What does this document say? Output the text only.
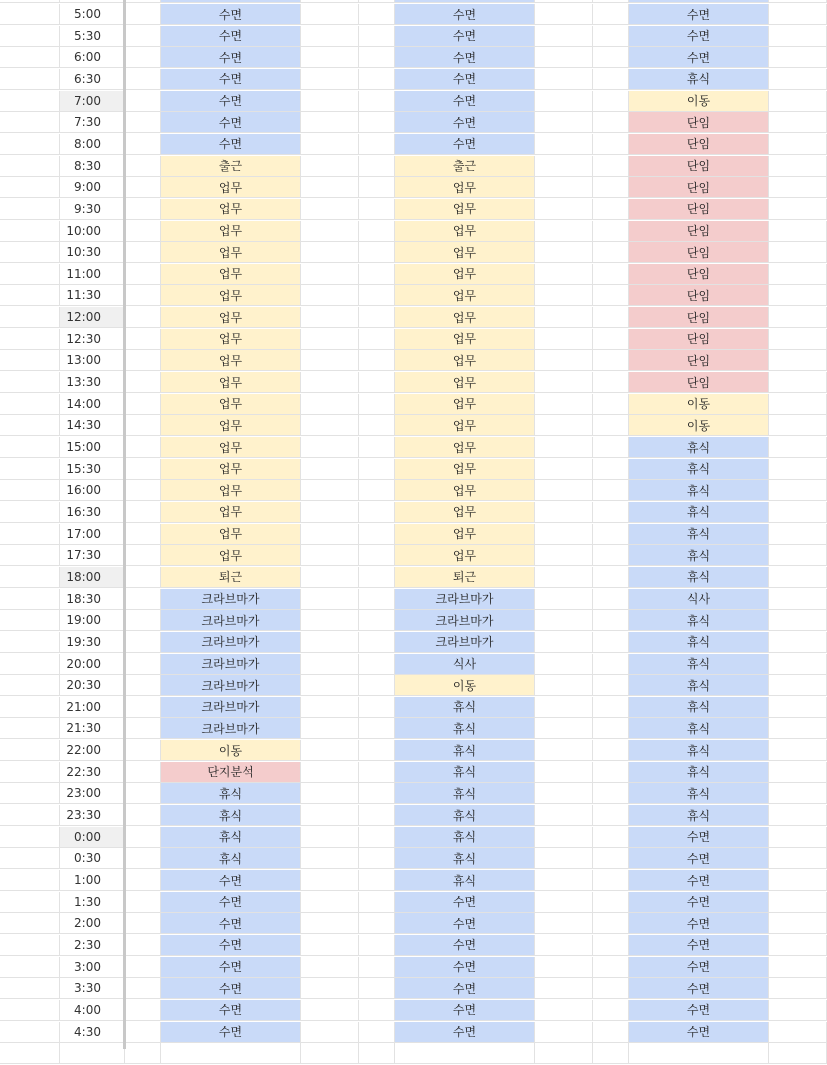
5:00	수면	수면	수면
5:30	수면	수면	수면
6:00	수면	수면	수면
6:30	수면	수면	휴식
7:00	수면	수면	이동
7:30	수면	수면	단임
8:00	수면	수면	단임
8:30	출근	출근	단임
9:00	업무	업무	단임
9:30	업무	업무	단임
10:00	업무	업무	단임
10:30	업무	업무	단임
11:00	업무	업무	단임
11:30	업무	업무	단임
12:00	업무	업무	단임
12:30	업무	업무	단임
13:00	업무	업무	단임
13:30	업무	업무	단임
14:00	업무	업무	이동
14:30	업무	업무	이동
15:00	업무	업무	휴식
15:30	업무	업무	휴식
16:00	업무	업무	휴식
16:30	업무	업무	휴식
17:00	업무	업무	휴식
17:30	업무	업무	휴식
18:00	퇴근	퇴근	휴식
18:30	크라브마가	크라브마가	식사
19:00	크라브마가	크라브마가	휴식
19:30	크라브마가	크라브마가	휴식
20:00	크라브마가	식사	휴식
20:30	크라브마가	이동	휴식
21:00	크라브마가	휴식	휴식
21:30	크라브마가	휴식	휴식
22:00	이동	휴식	휴식
22:30	단지분석	휴식	휴식
23:00	휴식	휴식	휴식
23:30	휴식	휴식	휴식
0:00	휴식	휴식	수면
0:30	휴식	휴식	수면
1:00	수면	휴식	수면
1:30	수면	수면	수면
2:00	수면	수면	수면
2:30	수면	수면	수면
3:00	수면	수면	수면
3:30	수면	수면	수면
4:00	수면	수면	수면
4:30	수면	수면	수면
